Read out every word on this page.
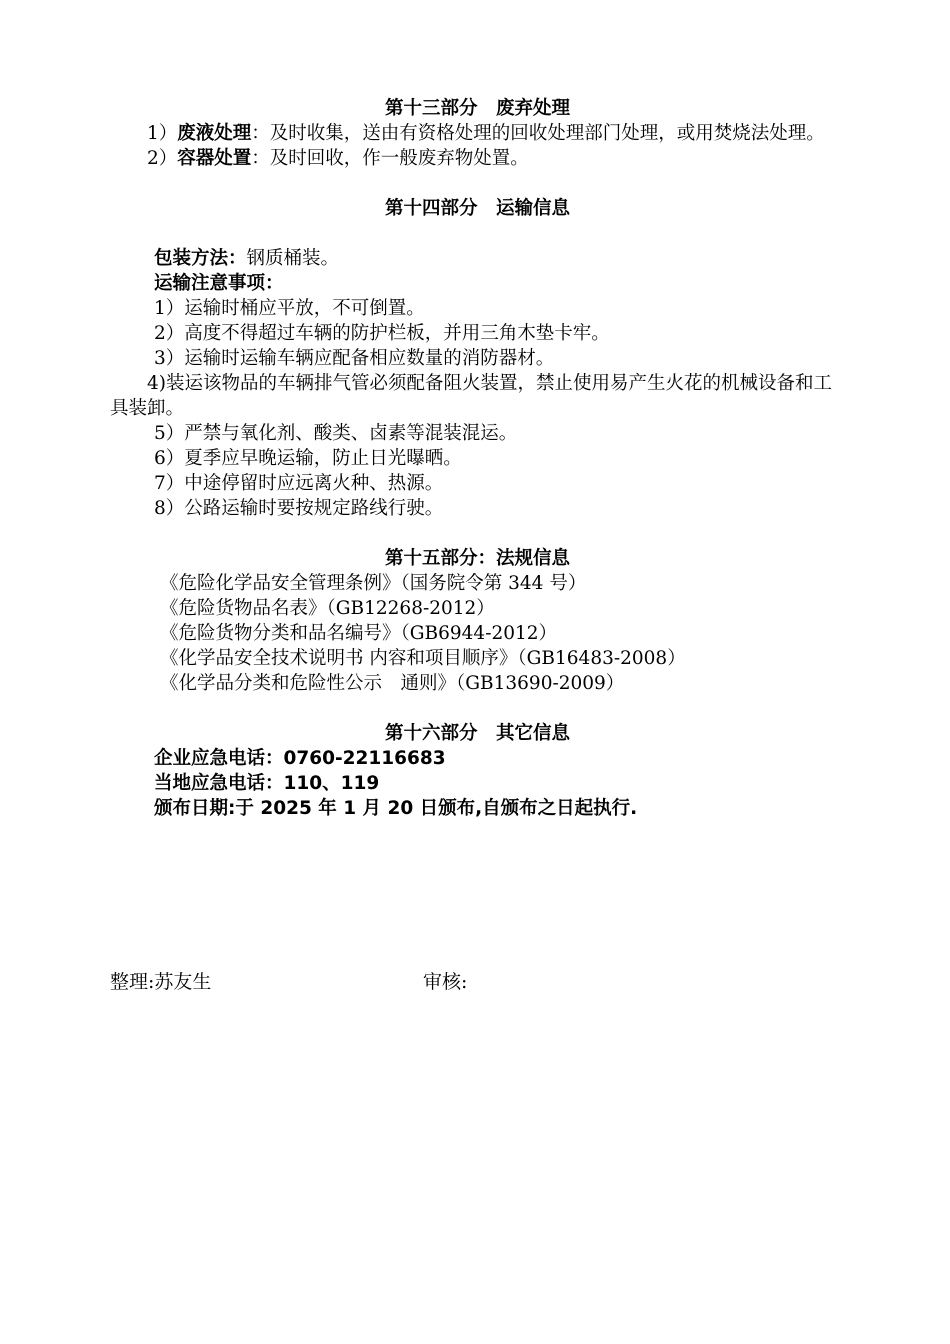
第十三部分　废弃处理

1）废液处理：及时收集，送由有资格处理的回收处理部门处理，或用焚烧法处理。

2）容器处置：及时回收，作一般废弃物处置。

第十四部分　运输信息

包装方法：钢质桶装。

运输注意事项：

1）运输时桶应平放，不可倒置。

2）高度不得超过车辆的防护栏板，并用三角木垫卡牢。

3）运输时运输车辆应配备相应数量的消防器材。

4)装运该物品的车辆排气管必须配备阻火装置，禁止使用易产生火花的机械设备和工具装卸。

5）严禁与氧化剂、酸类、卤素等混装混运。

6）夏季应早晚运输，防止日光曝晒。

7）中途停留时应远离火种、热源。

8）公路运输时要按规定路线行驶。

第十五部分：法规信息

《危险化学品安全管理条例》（国务院令第 344 号）

《危险货物品名表》（GB12268-2012）

《危险货物分类和品名编号》（GB6944-2012）

《化学品安全技术说明书 内容和项目顺序》（GB16483-2008）

《化学品分类和危险性公示　通则》（GB13690-2009）

第十六部分　其它信息

企业应急电话：0760-22116683

当地应急电话：110、119

颁布日期:于 2025 年 1 月 20 日颁布,自颁布之日起执行.

整理:苏友生	审核:
